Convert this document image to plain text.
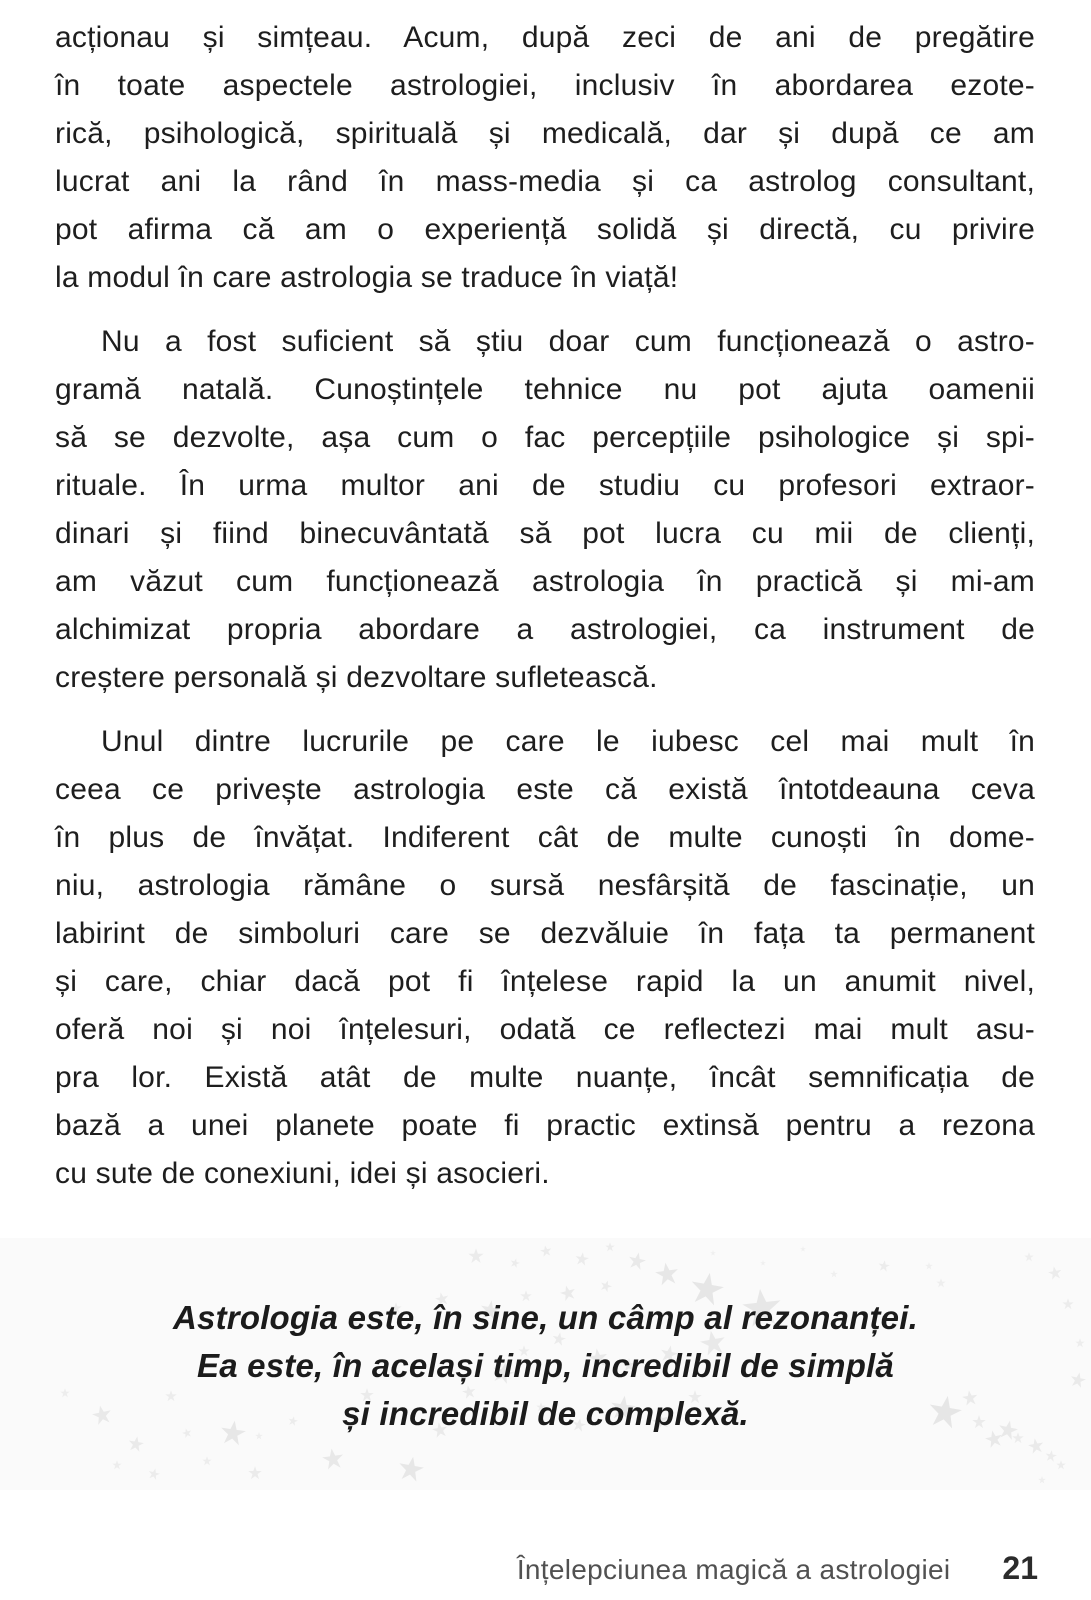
acționau și simțeau. Acum, după zeci de ani de pregătire
în toate aspectele astrologiei, inclusiv în abordarea ezote-
rică, psihologică, spirituală și medicală, dar și după ce am
lucrat ani la rând în mass-media și ca astrolog consultant,
pot afirma că am o experiență solidă și directă, cu privire
la modul în care astrologia se traduce în viață!
Nu a fost suficient să știu doar cum funcționează o astro-
gramă natală. Cunoștințele tehnice nu pot ajuta oamenii
să se dezvolte, așa cum o fac percepțiile psihologice și spi-
rituale. În urma multor ani de studiu cu profesori extraor-
dinari și fiind binecuvântată să pot lucra cu mii de clienți,
am văzut cum funcționează astrologia în practică și mi-am
alchimizat propria abordare a astrologiei, ca instrument de
creștere personală și dezvoltare sufletească.
Unul dintre lucrurile pe care le iubesc cel mai mult în
ceea ce privește astrologia este că există întotdeauna ceva
în plus de învățat. Indiferent cât de multe cunoști în dome-
niu, astrologia rămâne o sursă nesfârșită de fascinație, un
labirint de simboluri care se dezvăluie în fața ta permanent
și care, chiar dacă pot fi înțelese rapid la un anumit nivel,
oferă noi și noi înțelesuri, odată ce reflectezi mai mult asu-
pra lor. Există atât de multe nuanțe, încât semnificația de
bază a unei planete poate fi practic extinsă pentru a rezona
cu sute de conexiuni, idei și asocieri.
Astrologia este, în sine, un câmp al rezonanței.
Ea este, în același timp, incredibil de simplă
și incredibil de complexă.
Înțelepciunea magică a astrologiei 21
